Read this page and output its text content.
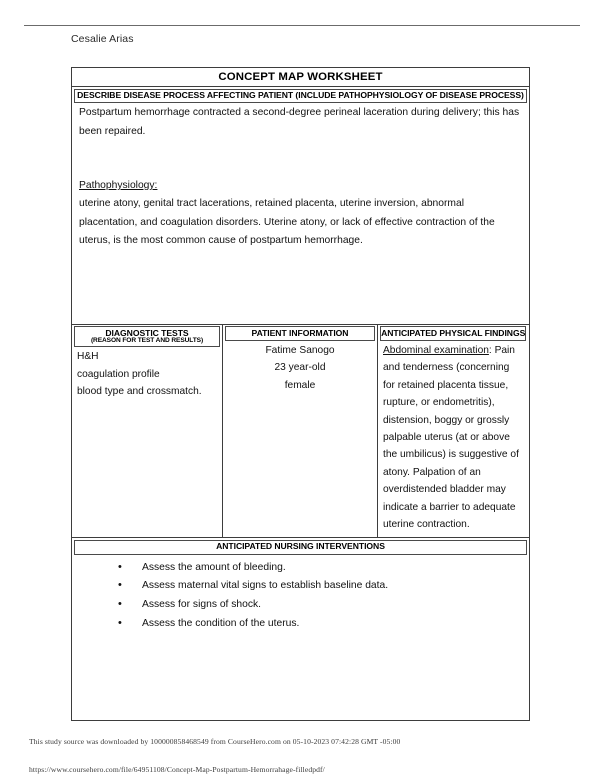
Cesalie Arias
CONCEPT MAP WORKSHEET
DESCRIBE DISEASE PROCESS AFFECTING PATIENT (INCLUDE PATHOPHYSIOLOGY OF DISEASE PROCESS)

Postpartum hemorrhage contracted a second-degree perineal laceration during delivery; this has been repaired.

Pathophysiology:

uterine atony, genital tract lacerations, retained placenta, uterine inversion, abnormal placentation, and coagulation disorders. Uterine atony, or lack of effective contraction of the uterus, is the most common cause of postpartum hemorrhage.

DIAGNOSTIC TESTS
(REASON FOR TEST AND RESULTS)

H&H

coagulation profile

blood type and crossmatch.

PATIENT INFORMATION

Fatime Sanogo

23 year-old

female

ANTICIPATED PHYSICAL FINDINGS

Abdominal examination: Pain and tenderness (concerning for retained placenta tissue, rupture, or endometritis), distension, boggy or grossly palpable uterus (at or above the umbilicus) is suggestive of atony. Palpation of an overdistended bladder may indicate a barrier to adequate uterine contraction.

ANTICIPATED NURSING INTERVENTIONS
• Assess the amount of bleeding.
• Assess maternal vital signs to establish baseline data.
• Assess for signs of shock.
• Assess the condition of the uterus.
This study source was downloaded by 100000858468549 from CourseHero.com on 05-10-2023 07:42:28 GMT -05:00
https://www.coursehero.com/file/64951108/Concept-Map-Postpartum-Hemorrahage-filledpdf/
